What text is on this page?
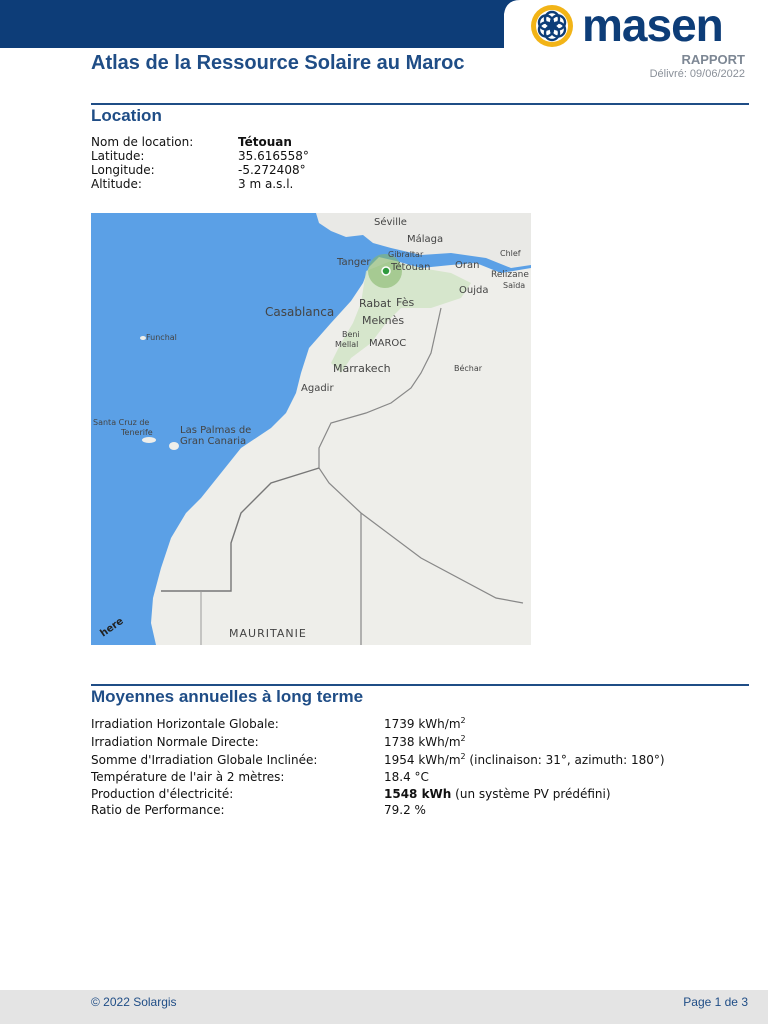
masen
Atlas de la Ressource Solaire au Maroc	RAPPORT
Délivré: 09/06/2022
Location
Nom de location:	Tétouan
Latitude:	35.616558°
Longitude:	-5.272408°
Altitude:	3 m a.s.l.
Séville
Málaga
Gibraltar
Tanger Tétouan Oran
Chlef
Relizane
Saïda
Oujda
Rabat Fès
Casablanca
Meknès
Funchal	Beni
Mellal MAROC
Marrakech	Béchar
Agadir
Santa Cruz de
Tenerife	Las Palmas de
Gran Canaria
MAURITANIE
here
Moyennes annuelles à long terme
Irradiation Horizontale Globale:	1739 kWh/$m^2$
Irradiation Normale Directe:	1738 kWh/$m^2$
Somme d'Irradiation Globale Inclinée:	1954 kWh/$m^2$ (inclinaison: 31°, azimuth: 180°)
Température de l'air à 2 mètres:	18.4 °C
Production d'électricité:	1548 kWh (un système PV prédéfini)
Ratio de Performance:	79.2 %
© 2022 Solargis	Page 1 de 3
